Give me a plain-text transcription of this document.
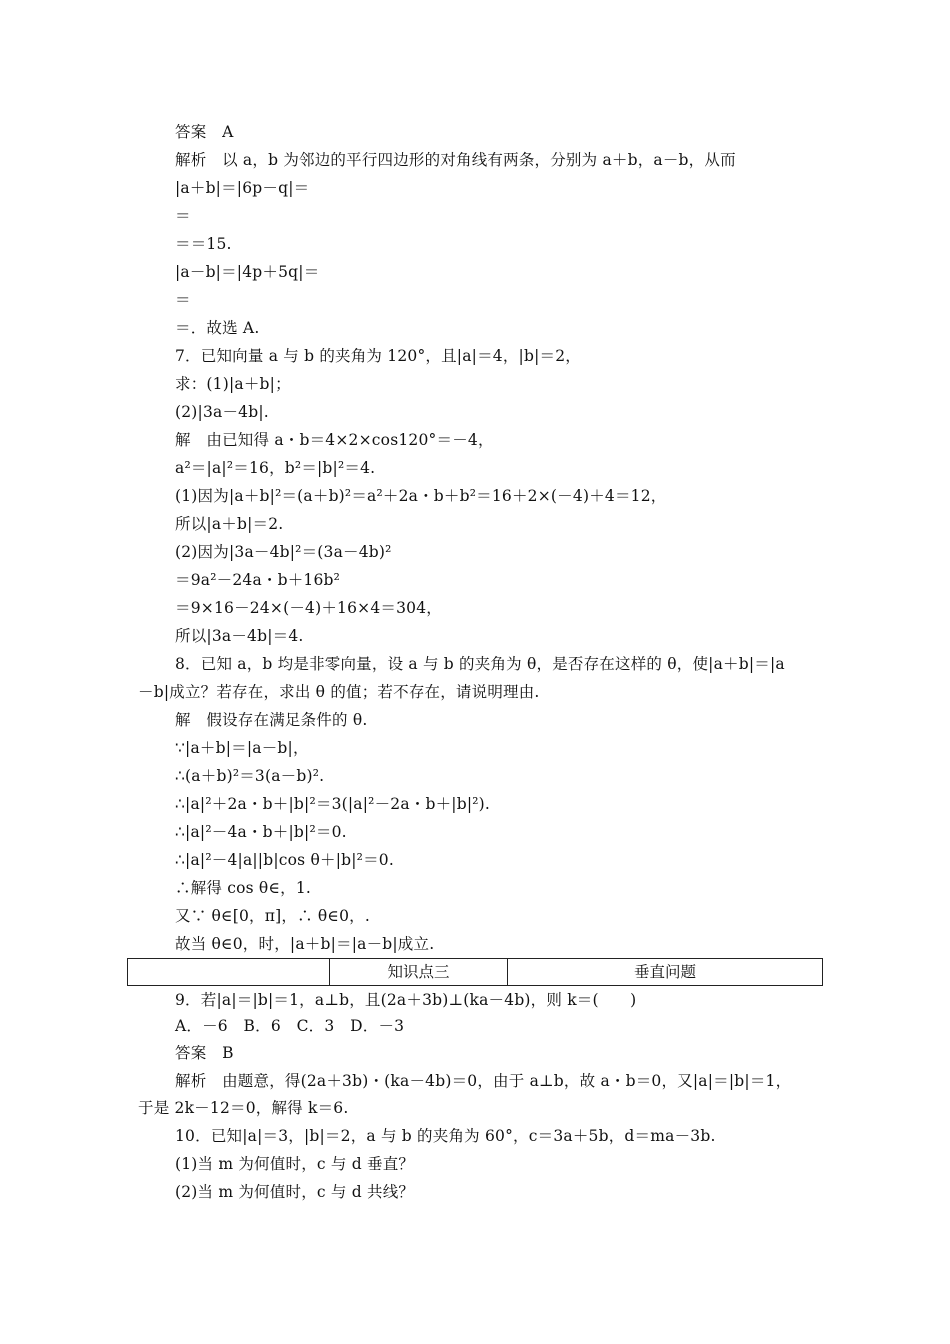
答案　A
解析　以 a，b 为邻边的平行四边形的对角线有两条，分别为 a＋b，a－b，从而
|a＋b|＝|6p－q|＝
＝
＝＝15.
|a－b|＝|4p＋5q|＝
＝
＝．故选 A.
7．已知向量 a 与 b 的夹角为 120°，且|a|＝4，|b|＝2，
求：(1)|a＋b|；
(2)|3a－4b|.
解　由已知得 a・b＝4×2×cos120°＝－4，
a²＝|a|²＝16，b²＝|b|²＝4.
(1)因为|a＋b|²＝(a＋b)²＝a²＋2a・b＋b²＝16＋2×(－4)＋4＝12，
所以|a＋b|＝2.
(2)因为|3a－4b|²＝(3a－4b)²
＝9a²－24a・b＋16b²
＝9×16－24×(－4)＋16×4＝304，
所以|3a－4b|＝4.
8．已知 a，b 均是非零向量，设 a 与 b 的夹角为 θ，是否存在这样的 θ，使|a＋b|＝|a
－b|成立？若存在，求出 θ 的值；若不存在，请说明理由.
解　假设存在满足条件的 θ.
∵|a＋b|＝|a－b|，
∴(a＋b)²＝3(a－b)².
∴|a|²＋2a・b＋|b|²＝3(|a|²－2a・b＋|b|²).
∴|a|²－4a・b＋|b|²＝0.
∴|a|²－4|a||b|cos θ＋|b|²＝0.
∴解得 cos θ∈，1.
又∵ θ∈[0，π]，∴ θ∈0，.
故当 θ∈0，时，|a＋b|＝|a－b|成立.
知识点三	垂直问题
9．若|a|＝|b|＝1，a⊥b，且(2a＋3b)⊥(ka－4b)，则 k＝(　　)
A．－6　B．6　C．3　D．－3
答案　B
解析　由题意，得(2a＋3b)・(ka－4b)＝0，由于 a⊥b，故 a・b＝0，又|a|＝|b|＝1，
于是 2k－12＝0，解得 k＝6.
10．已知|a|＝3，|b|＝2，a 与 b 的夹角为 60°，c＝3a＋5b，d＝ma－3b.
(1)当 m 为何值时，c 与 d 垂直？
(2)当 m 为何值时，c 与 d 共线？
